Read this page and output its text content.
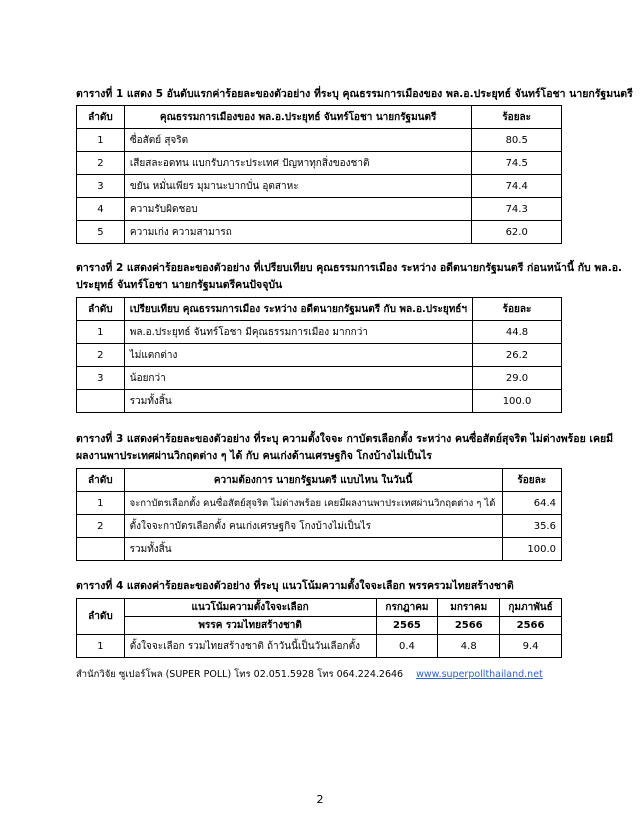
ตารางที่ 1 แสดง 5 อันดับแรกค่าร้อยละของตัวอย่าง ที่ระบุ คุณธรรมการเมืองของ พล.อ.ประยุทธ์ จันทร์โอชา นายกรัฐมนตรี
ลำดับ	คุณธรรมการเมืองของ พล.อ.ประยุทธ์ จันทร์โอชา นายกรัฐมนตรี	ร้อยละ
1	ซื่อสัตย์ สุจริต	80.5
2	เสียสละอดทน แบกรับภาระประเทศ ปัญหาทุกสิ่งของชาติ	74.5
3	ขยัน หมั่นเพียร มุมานะบากบั่น อุตสาหะ	74.4
4	ความรับผิดชอบ	74.3
5	ความเก่ง ความสามารถ	62.0
ตารางที่ 2 แสดงค่าร้อยละของตัวอย่าง ที่เปรียบเทียบ คุณธรรมการเมือง ระหว่าง อดีตนายกรัฐมนตรี ก่อนหน้านี้ กับ พล.อ.
ประยุทธ์ จันทร์โอชา นายกรัฐมนตรีคนปัจจุบัน
ลำดับ	เปรียบเทียบ คุณธรรมการเมือง ระหว่าง อดีตนายกรัฐมนตรี กับ พล.อ.ประยุทธ์ฯ	ร้อยละ
1	พล.อ.ประยุทธ์ จันทร์โอชา มีคุณธรรมการเมือง มากกว่า	44.8
2	ไม่แตกต่าง	26.2
3	น้อยกว่า	29.0
	รวมทั้งสิ้น	100.0
ตารางที่ 3 แสดงค่าร้อยละของตัวอย่าง ที่ระบุ ความตั้งใจจะ กาบัตรเลือกตั้ง ระหว่าง คนซื่อสัตย์สุจริต ไม่ด่างพร้อย เคยมี
ผลงานพาประเทศผ่านวิกฤตต่าง ๆ ได้ กับ คนเก่งด้านเศรษฐกิจ โกงบ้างไม่เป็นไร
ลำดับ	ความต้องการ นายกรัฐมนตรี แบบไหน ในวันนี้	ร้อยละ
1	จะกาบัตรเลือกตั้ง คนซื่อสัตย์สุจริต ไม่ด่างพร้อย เคยมีผลงานพาประเทศผ่านวิกฤตต่าง ๆ ได้	64.4
2	ตั้งใจจะกาบัตรเลือกตั้ง คนเก่งเศรษฐกิจ โกงบ้างไม่เป็นไร	35.6
	รวมทั้งสิ้น	100.0
ตารางที่ 4 แสดงค่าร้อยละของตัวอย่าง ที่ระบุ แนวโน้มความตั้งใจจะเลือก พรรครวมไทยสร้างชาติ
ลำดับ	แนวโน้มความตั้งใจจะเลือก	กรกฎาคม	มกราคม	กุมภาพันธ์
	พรรค รวมไทยสร้างชาติ	2565	2566	2566
1	ตั้งใจจะเลือก รวมไทยสร้างชาติ ถ้าวันนี้เป็นวันเลือกตั้ง	0.4	4.8	9.4
สำนักวิจัย ซูเปอร์โพล (SUPER POLL) โทร 02.051.5928 โทร 064.224.2646 www.superpollthailand.net
2
